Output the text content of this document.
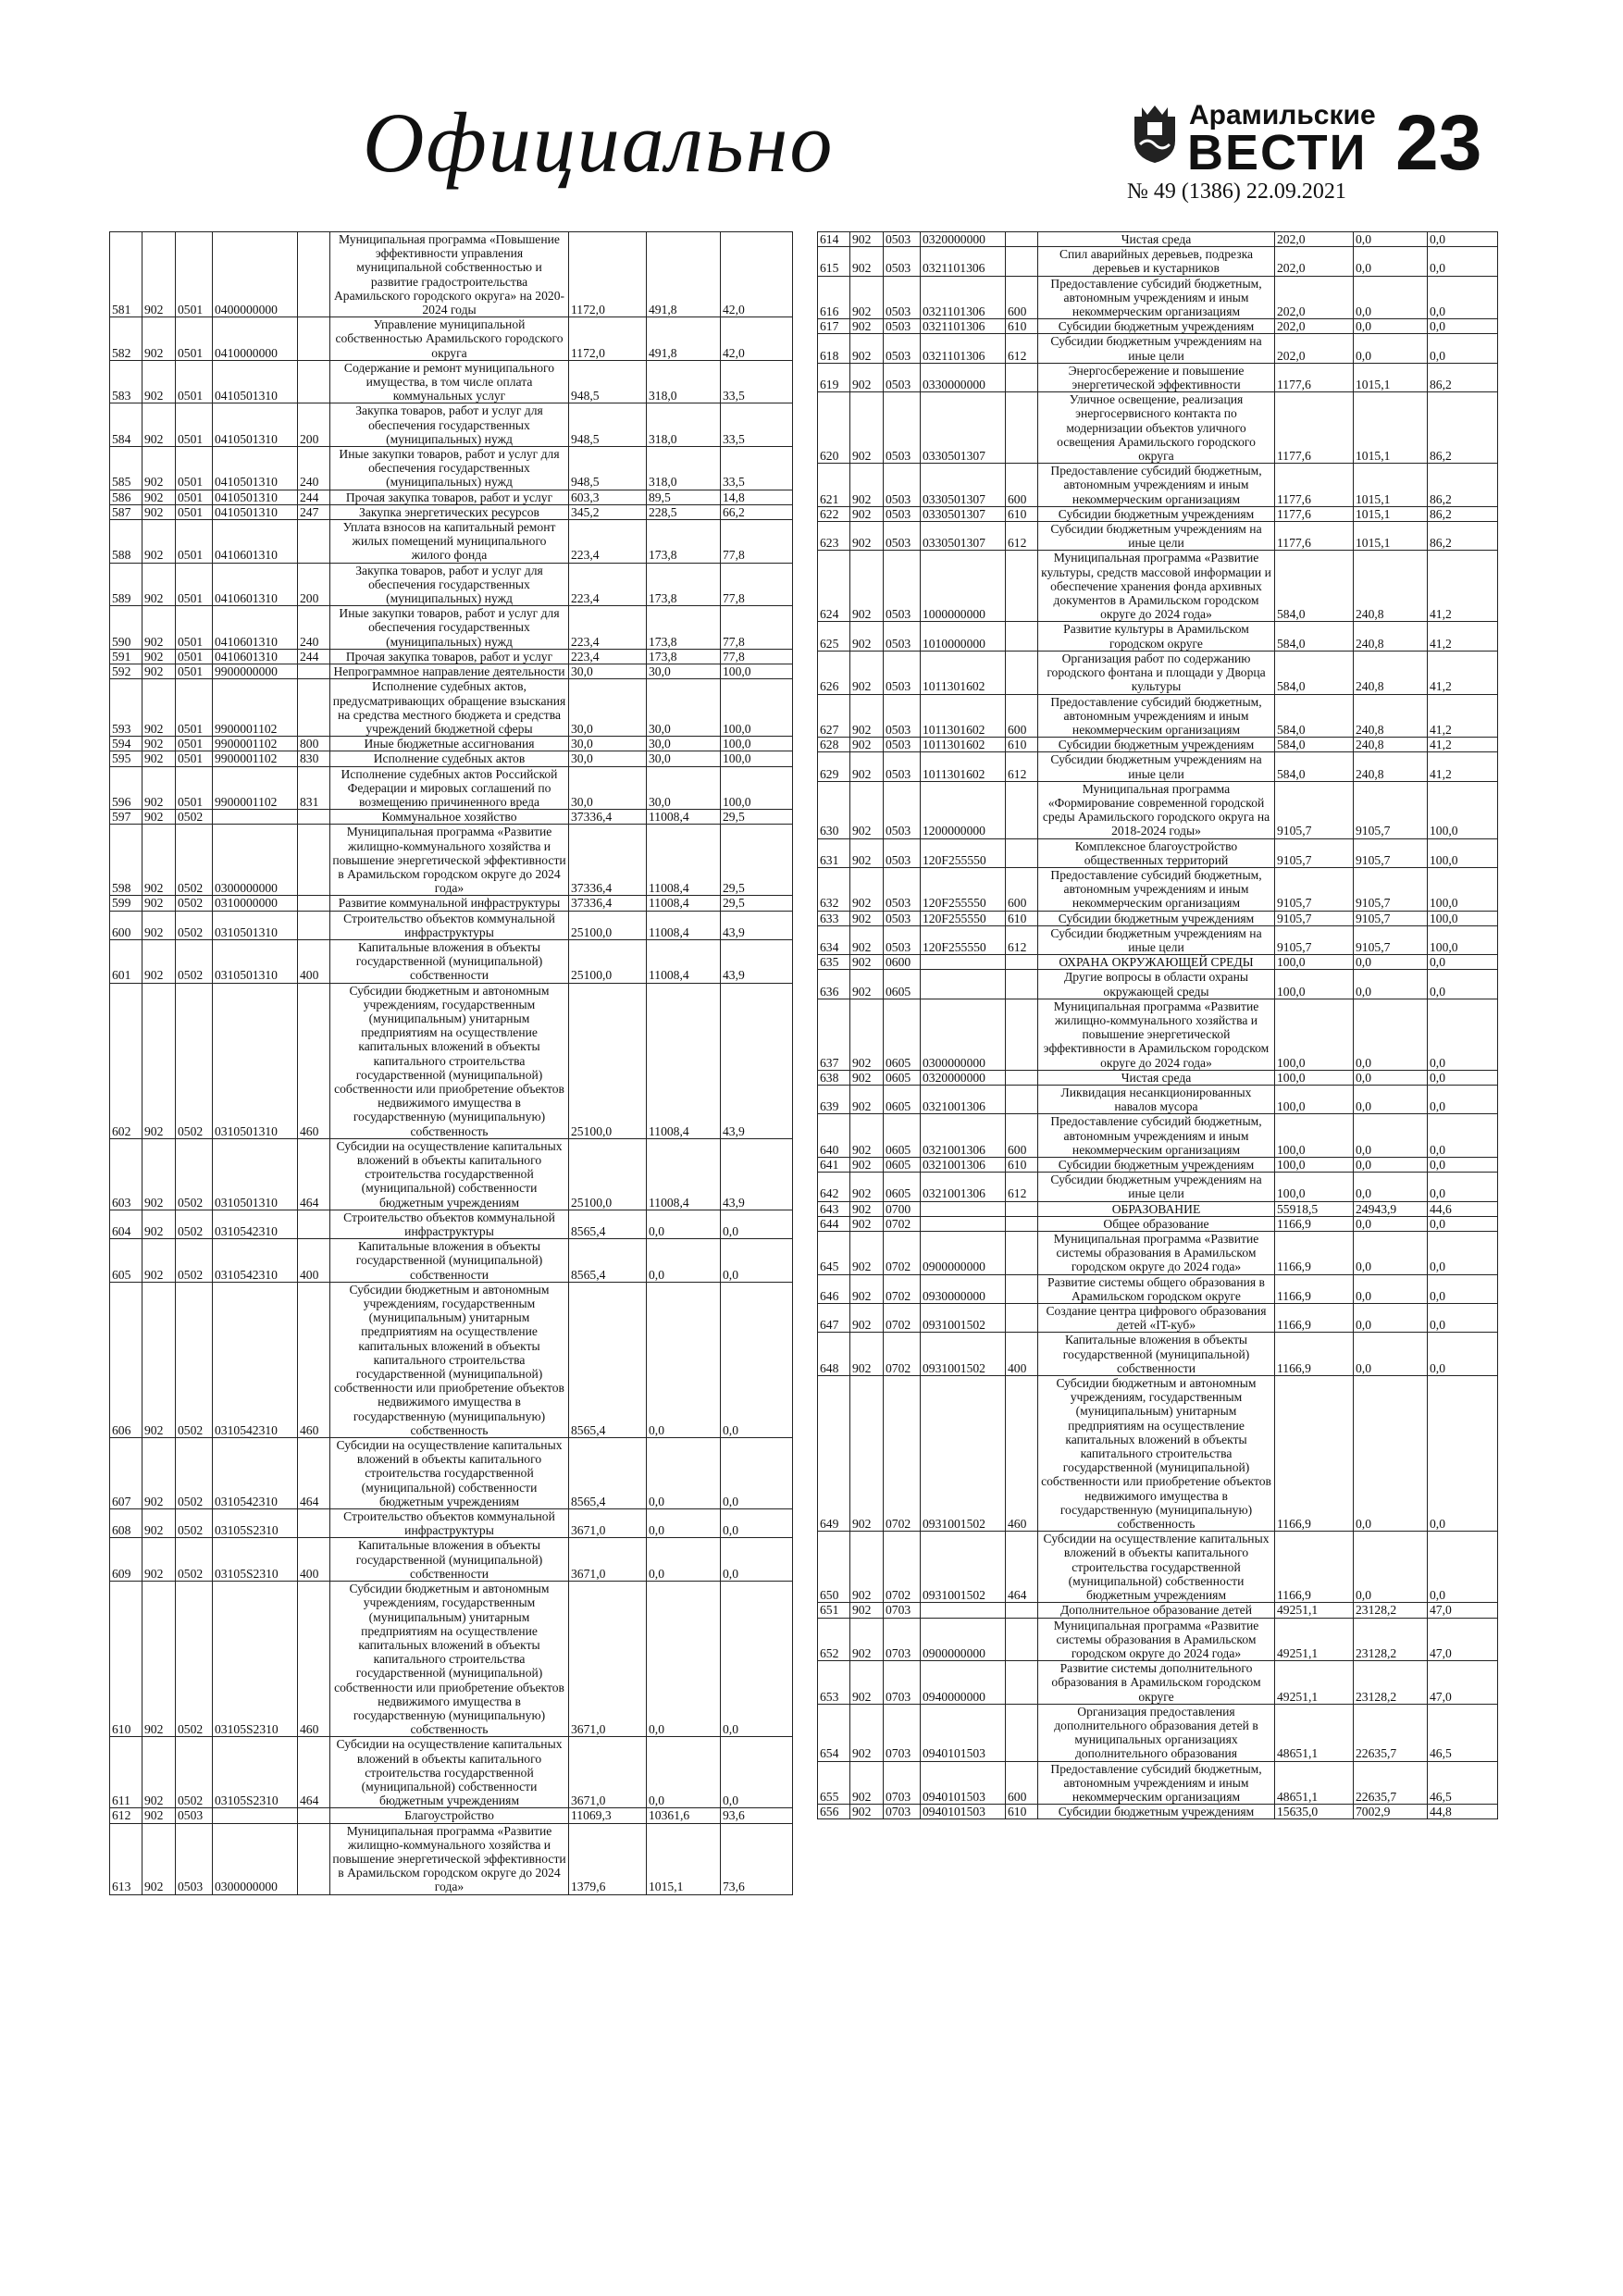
Официально	Арамильские
ВЕСТИ 23
№ 49 (1386) 22.09.2021
581	902	0501	0400000000		Муниципальная программа «Повышение эффективности управления муниципальной собственностью и развитие градостроительства Арамильского городского округа» на 2020-2024 годы	1172,0	491,8	42,0
582	902	0501	0410000000		Управление муниципальной собственностью Арамильского городского округа	1172,0	491,8	42,0
583	902	0501	0410501310		Содержание и ремонт муниципального имущества, в том числе оплата коммунальных услуг	948,5	318,0	33,5
584	902	0501	0410501310	200	Закупка товаров, работ и услуг для обеспечения государственных (муниципальных) нужд	948,5	318,0	33,5
585	902	0501	0410501310	240	Иные закупки товаров, работ и услуг для обеспечения государственных (муниципальных) нужд	948,5	318,0	33,5
586	902	0501	0410501310	244	Прочая закупка товаров, работ и услуг	603,3	89,5	14,8
587	902	0501	0410501310	247	Закупка энергетических ресурсов	345,2	228,5	66,2
588	902	0501	0410601310		Уплата взносов на капитальный ремонт жилых помещений муниципального жилого фонда	223,4	173,8	77,8
589	902	0501	0410601310	200	Закупка товаров, работ и услуг для обеспечения государственных (муниципальных) нужд	223,4	173,8	77,8
590	902	0501	0410601310	240	Иные закупки товаров, работ и услуг для обеспечения государственных (муниципальных) нужд	223,4	173,8	77,8
591	902	0501	0410601310	244	Прочая закупка товаров, работ и услуг	223,4	173,8	77,8
592	902	0501	9900000000		Непрограммное направление деятельности	30,0	30,0	100,0
593	902	0501	9900001102		Исполнение судебных актов, предусматривающих обращение взыскания на средства местного бюджета и средства учреждений бюджетной сферы	30,0	30,0	100,0
594	902	0501	9900001102	800	Иные бюджетные ассигнования	30,0	30,0	100,0
595	902	0501	9900001102	830	Исполнение судебных актов	30,0	30,0	100,0
596	902	0501	9900001102	831	Исполнение судебных актов Российской Федерации и мировых соглашений по возмещению причиненного вреда	30,0	30,0	100,0
597	902	0502			Коммунальное хозяйство	37336,4	11008,4	29,5
598	902	0502	0300000000		Муниципальная программа «Развитие жилищно-коммунального хозяйства и повышение энергетической эффективности в Арамильском городском округе до 2024 года»	37336,4	11008,4	29,5
599	902	0502	0310000000		Развитие коммунальной инфраструктуры	37336,4	11008,4	29,5
600	902	0502	0310501310		Строительство объектов коммунальной инфраструктуры	25100,0	11008,4	43,9
601	902	0502	0310501310	400	Капитальные вложения в объекты государственной (муниципальной) собственности	25100,0	11008,4	43,9
602	902	0502	0310501310	460	Субсидии бюджетным и автономным учреждениям, государственным (муниципальным) унитарным предприятиям на осуществление капитальных вложений в объекты капитального строительства государственной (муниципальной) собственности или приобретение объектов недвижимого имущества в государственную (муниципальную) собственность	25100,0	11008,4	43,9
603	902	0502	0310501310	464	Субсидии на осуществление капитальных вложений в объекты капитального строительства государственной (муниципальной) собственности бюджетным учреждениям	25100,0	11008,4	43,9
604	902	0502	0310542310		Строительство объектов коммунальной инфраструктуры	8565,4	0,0	0,0
605	902	0502	0310542310	400	Капитальные вложения в объекты государственной (муниципальной) собственности	8565,4	0,0	0,0
606	902	0502	0310542310	460	Субсидии бюджетным и автономным учреждениям, государственным (муниципальным) унитарным предприятиям на осуществление капитальных вложений в объекты капитального строительства государственной (муниципальной) собственности или приобретение объектов недвижимого имущества в государственную (муниципальную) собственность	8565,4	0,0	0,0
607	902	0502	0310542310	464	Субсидии на осуществление капитальных вложений в объекты капитального строительства государственной (муниципальной) собственности бюджетным учреждениям	8565,4	0,0	0,0
608	902	0502	03105S2310		Строительство объектов коммунальной инфраструктуры	3671,0	0,0	0,0
609	902	0502	03105S2310	400	Капитальные вложения в объекты государственной (муниципальной) собственности	3671,0	0,0	0,0
610	902	0502	03105S2310	460	Субсидии бюджетным и автономным учреждениям, государственным (муниципальным) унитарным предприятиям на осуществление капитальных вложений в объекты капитального строительства государственной (муниципальной) собственности или приобретение объектов недвижимого имущества в государственную (муниципальную) собственность	3671,0	0,0	0,0
611	902	0502	03105S2310	464	Субсидии на осуществление капитальных вложений в объекты капитального строительства государственной (муниципальной) собственности бюджетным учреждениям	3671,0	0,0	0,0
612	902	0503			Благоустройство	11069,3	10361,6	93,6
613	902	0503	0300000000		Муниципальная программа «Развитие жилищно-коммунального хозяйства и повышение энергетической эффективности в Арамильском городском округе до 2024 года»	1379,6	1015,1	73,6
614	902	0503	0320000000		Чистая среда	202,0	0,0	0,0
615	902	0503	0321101306		Спил аварийных деревьев, подрезка деревьев и кустарников	202,0	0,0	0,0
616	902	0503	0321101306	600	Предоставление субсидий бюджетным, автономным учреждениям и иным некоммерческим организациям	202,0	0,0	0,0
617	902	0503	0321101306	610	Субсидии бюджетным учреждениям	202,0	0,0	0,0
618	902	0503	0321101306	612	Субсидии бюджетным учреждениям на иные цели	202,0	0,0	0,0
619	902	0503	0330000000		Энергосбережение и повышение энергетической эффективности	1177,6	1015,1	86,2
620	902	0503	0330501307		Уличное освещение, реализация энергосервисного контакта по модернизации объектов уличного освещения Арамильского городского округа	1177,6	1015,1	86,2
621	902	0503	0330501307	600	Предоставление субсидий бюджетным, автономным учреждениям и иным некоммерческим организациям	1177,6	1015,1	86,2
622	902	0503	0330501307	610	Субсидии бюджетным учреждениям	1177,6	1015,1	86,2
623	902	0503	0330501307	612	Субсидии бюджетным учреждениям на иные цели	1177,6	1015,1	86,2
624	902	0503	1000000000		Муниципальная программа «Развитие культуры, средств массовой информации и обеспечение хранения фонда архивных документов в Арамильском городском округе до 2024 года»	584,0	240,8	41,2
625	902	0503	1010000000		Развитие культуры в Арамильском городском округе	584,0	240,8	41,2
626	902	0503	1011301602		Организация работ по содержанию городского фонтана и площади у Дворца культуры	584,0	240,8	41,2
627	902	0503	1011301602	600	Предоставление субсидий бюджетным, автономным учреждениям и иным некоммерческим организациям	584,0	240,8	41,2
628	902	0503	1011301602	610	Субсидии бюджетным учреждениям	584,0	240,8	41,2
629	902	0503	1011301602	612	Субсидии бюджетным учреждениям на иные цели	584,0	240,8	41,2
630	902	0503	1200000000		Муниципальная программа «Формирование современной городской среды Арамильского городского округа на 2018-2024 годы»	9105,7	9105,7	100,0
631	902	0503	120F255550		Комплексное благоустройство общественных территорий	9105,7	9105,7	100,0
632	902	0503	120F255550	600	Предоставление субсидий бюджетным, автономным учреждениям и иным некоммерческим организациям	9105,7	9105,7	100,0
633	902	0503	120F255550	610	Субсидии бюджетным учреждениям	9105,7	9105,7	100,0
634	902	0503	120F255550	612	Субсидии бюджетным учреждениям на иные цели	9105,7	9105,7	100,0
635	902	0600			ОХРАНА ОКРУЖАЮЩЕЙ СРЕДЫ	100,0	0,0	0,0
636	902	0605			Другие вопросы в области охраны окружающей среды	100,0	0,0	0,0
637	902	0605	0300000000		Муниципальная программа «Развитие жилищно-коммунального хозяйства и повышение энергетической эффективности в Арамильском городском округе до 2024 года»	100,0	0,0	0,0
638	902	0605	0320000000		Чистая среда	100,0	0,0	0,0
639	902	0605	0321001306		Ликвидация несанкционированных навалов мусора	100,0	0,0	0,0
640	902	0605	0321001306	600	Предоставление субсидий бюджетным, автономным учреждениям и иным некоммерческим организациям	100,0	0,0	0,0
641	902	0605	0321001306	610	Субсидии бюджетным учреждениям	100,0	0,0	0,0
642	902	0605	0321001306	612	Субсидии бюджетным учреждениям на иные цели	100,0	0,0	0,0
643	902	0700			ОБРАЗОВАНИЕ	55918,5	24943,9	44,6
644	902	0702			Общее образование	1166,9	0,0	0,0
645	902	0702	0900000000		Муниципальная программа «Развитие системы образования в Арамильском городском округе до 2024 года»	1166,9	0,0	0,0
646	902	0702	0930000000		Развитие системы общего образования в Арамильском городском округе	1166,9	0,0	0,0
647	902	0702	0931001502		Создание центра цифрового образования детей «IT-куб»	1166,9	0,0	0,0
648	902	0702	0931001502	400	Капитальные вложения в объекты государственной (муниципальной) собственности	1166,9	0,0	0,0
649	902	0702	0931001502	460	Субсидии бюджетным и автономным учреждениям, государственным (муниципальным) унитарным предприятиям на осуществление капитальных вложений в объекты капитального строительства государственной (муниципальной) собственности или приобретение объектов недвижимого имущества в государственную (муниципальную) собственность	1166,9	0,0	0,0
650	902	0702	0931001502	464	Субсидии на осуществление капитальных вложений в объекты капитального строительства государственной (муниципальной) собственности бюджетным учреждениям	1166,9	0,0	0,0
651	902	0703			Дополнительное образование детей	49251,1	23128,2	47,0
652	902	0703	0900000000		Муниципальная программа «Развитие системы образования в Арамильском городском округе до 2024 года»	49251,1	23128,2	47,0
653	902	0703	0940000000		Развитие системы дополнительного образования в Арамильском городском округе	49251,1	23128,2	47,0
654	902	0703	0940101503		Организация предоставления дополнительного образования детей в муниципальных организациях дополнительного образования	48651,1	22635,7	46,5
655	902	0703	0940101503	600	Предоставление субсидий бюджетным, автономным учреждениям и иным некоммерческим организациям	48651,1	22635,7	46,5
656	902	0703	0940101503	610	Субсидии бюджетным учреждениям	15635,0	7002,9	44,8
